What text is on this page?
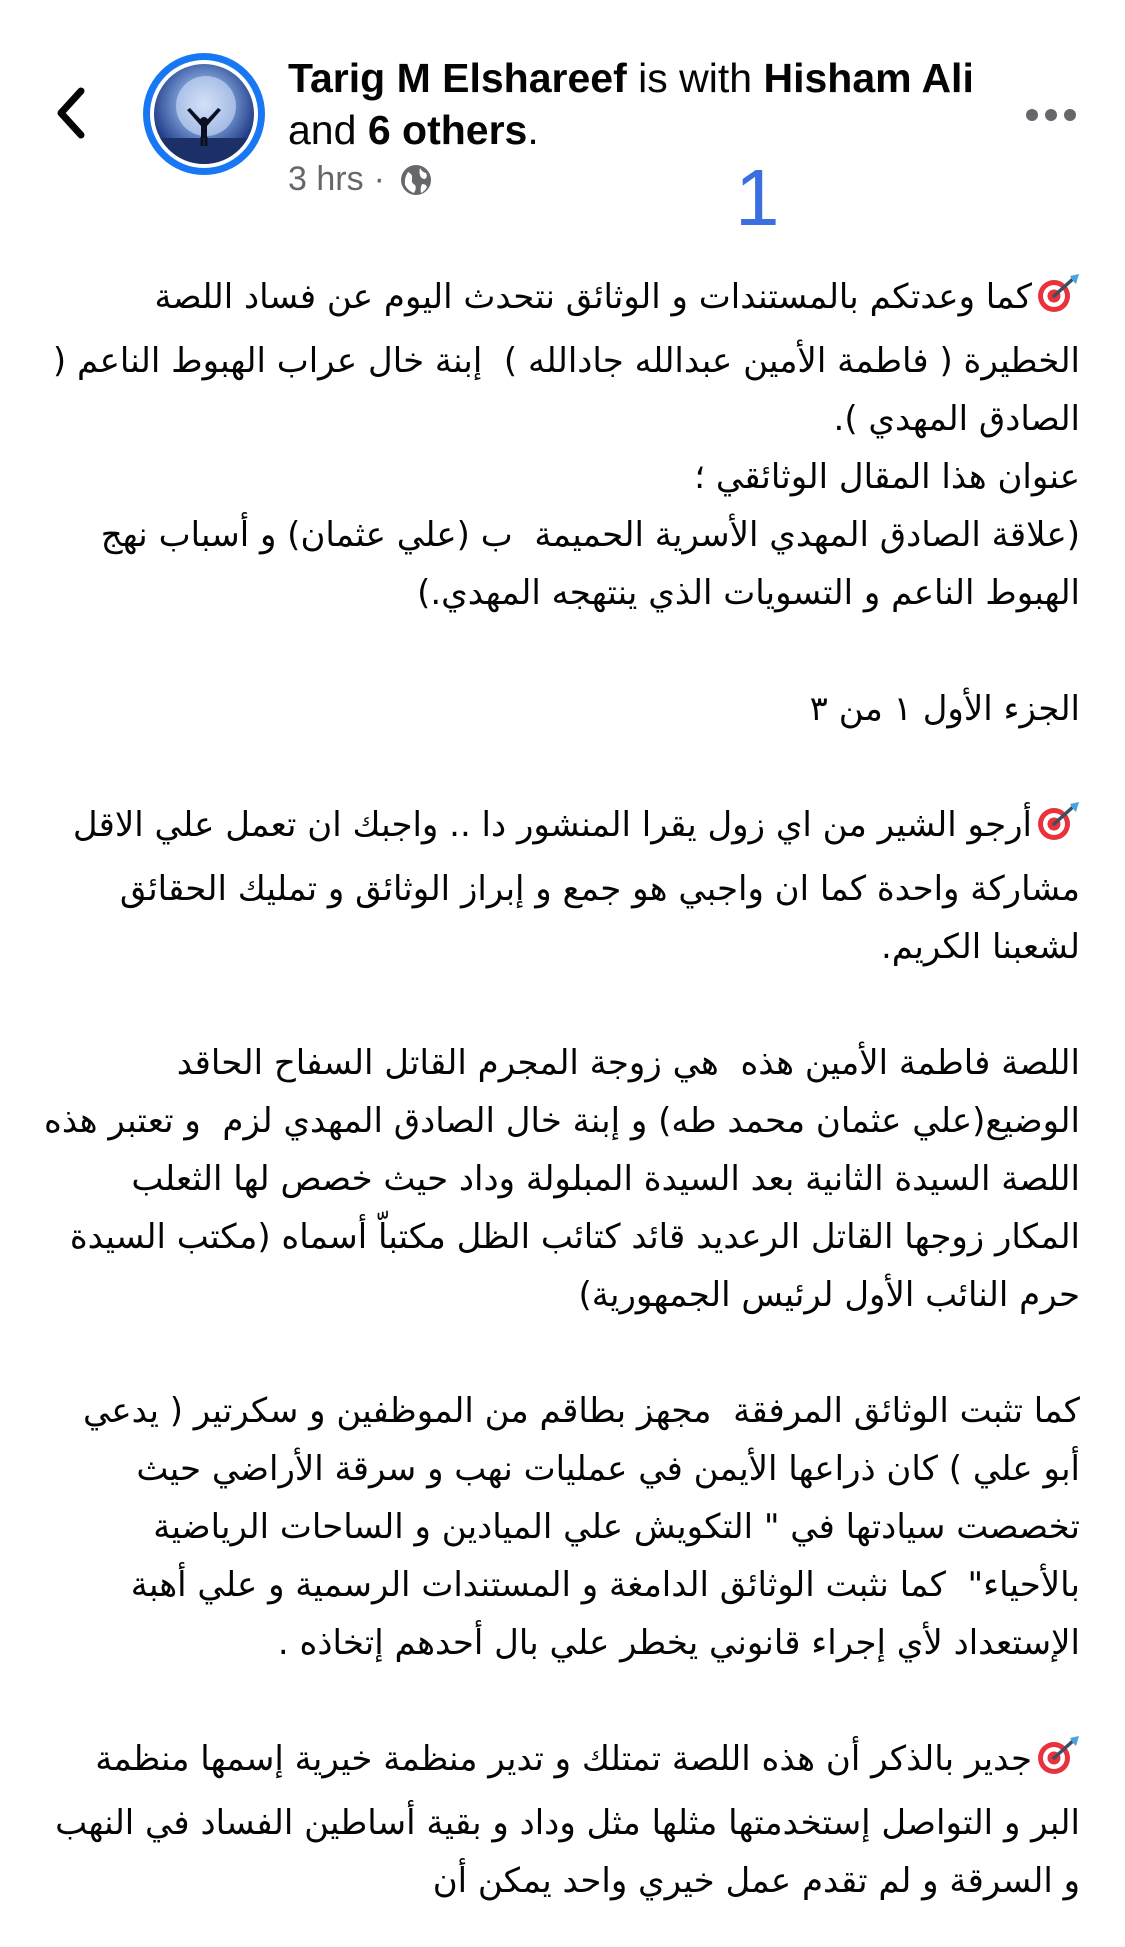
Tarig M Elshareef is with Hisham Ali and 6 others.
3 hrs ·	1

كما وعدتكم بالمستندات و الوثائق نتحدث اليوم عن فساد اللصة الخطيرة ( فاطمة الأمين عبدالله جادالله )  إبنة خال عراب الهبوط الناعم ( الصادق المهدي ).

عنوان هذا المقال الوثائقي ؛

(علاقة الصادق المهدي الأسرية الحميمة  ب (علي عثمان) و أسباب نهج الهبوط الناعم و التسويات الذي ينتهجه المهدي.)

الجزء الأول ١ من ٣

أرجو الشير من اي زول يقرا المنشور دا .. واجبك ان تعمل علي الاقل مشاركة واحدة كما ان واجبي هو جمع و إبراز الوثائق و تمليك الحقائق لشعبنا الكريم.

اللصة فاطمة الأمين هذه  هي زوجة المجرم القاتل السفاح الحاقد الوضيع(علي عثمان محمد طه) و إبنة خال الصادق المهدي لزم  و تعتبر هذه اللصة السيدة الثانية بعد السيدة المبلولة وداد حيث خصص لها الثعلب المكار زوجها القاتل الرعديد قائد كتائب الظل مكتباّ أسماه (مكتب السيدة حرم النائب الأول لرئيس الجمهورية)

كما تثبت الوثائق المرفقة  مجهز بطاقم من الموظفين و سكرتير ( يدعي أبو علي ) كان ذراعها الأيمن في عمليات نهب و سرقة الأراضي حيث تخصصت سيادتها في " التكويش علي الميادين و الساحات الرياضية بالأحياء"  كما نثبت الوثائق الدامغة و المستندات الرسمية و علي أهبة الإستعداد لأي إجراء قانوني يخطر علي بال أحدهم إتخاذه .

جدير بالذكر أن هذه اللصة تمتلك و تدير منظمة خيرية إسمها منظمة البر و التواصل إستخدمتها مثلها مثل وداد و بقية أساطين الفساد في النهب و السرقة و لم تقدم عمل خيري واحد يمكن أن
